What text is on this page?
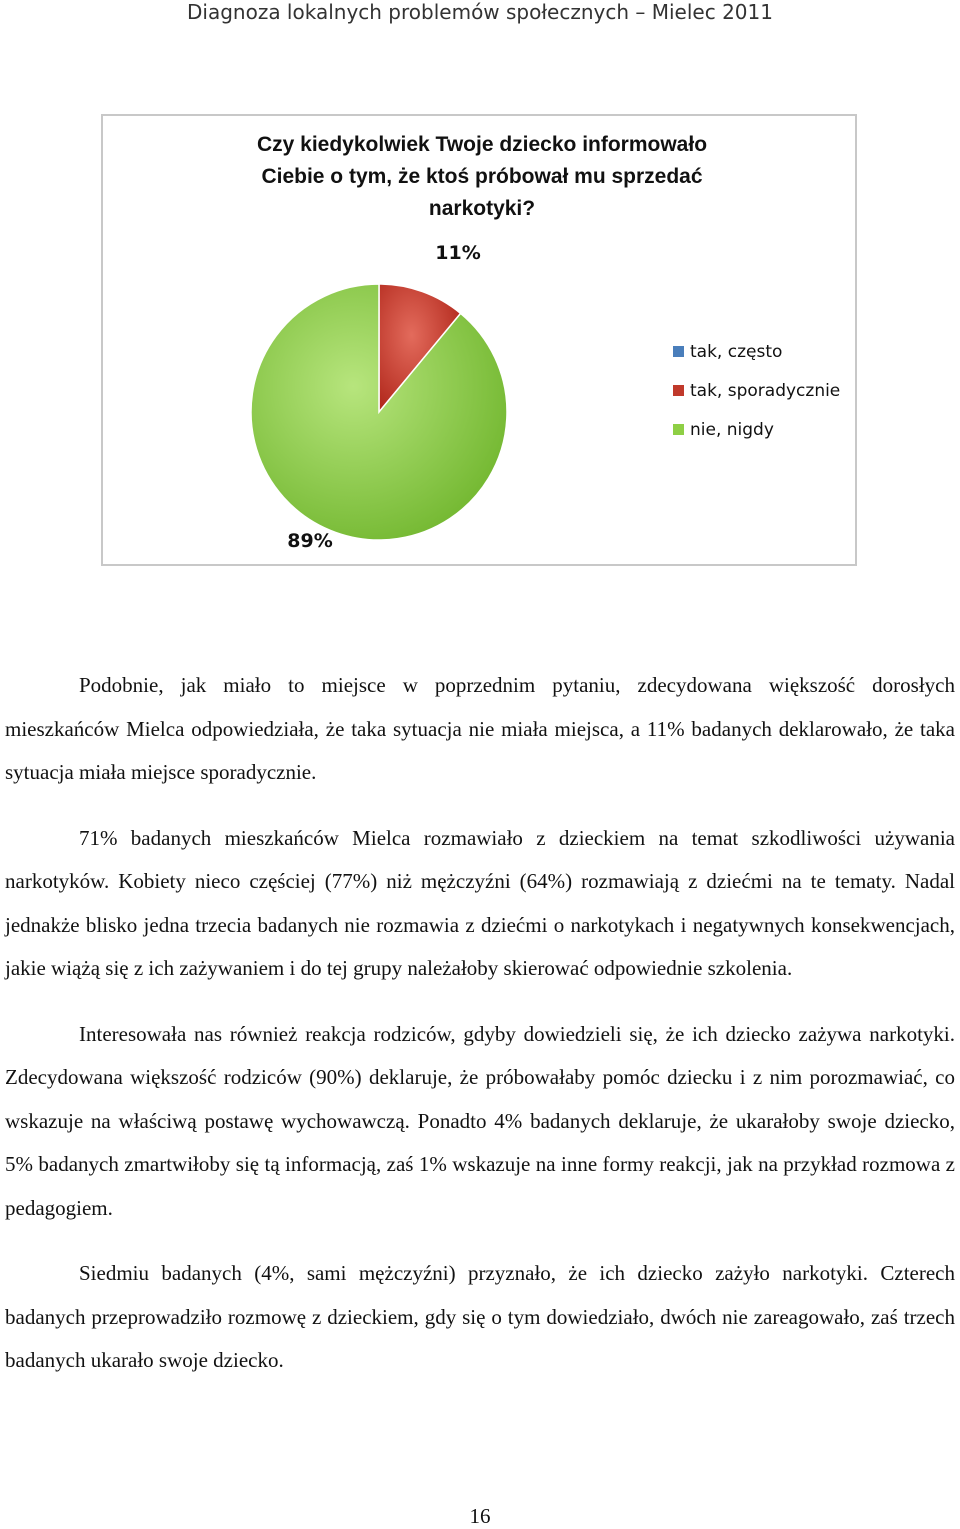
Diagnoza lokalnych problemów społecznych – Mielec 2011
Czy kiedykolwiek Twoje dziecko informowało
Ciebie o tym, że ktoś próbował mu sprzedać
narkotyki?
11%
89%
tak, często
tak, sporadycznie
nie, nigdy

Podobnie, jak miało to miejsce w poprzednim pytaniu, zdecydowana większość dorosłych mieszkańców Mielca odpowiedziała, że taka sytuacja nie miała miejsca, a 11% badanych deklarowało, że taka sytuacja miała miejsce sporadycznie.

71% badanych mieszkańców Mielca rozmawiało z dzieckiem na temat szkodliwości używania narkotyków. Kobiety nieco częściej (77%) niż mężczyźni (64%) rozmawiają z dziećmi na te tematy. Nadal jednakże blisko jedna trzecia badanych nie rozmawia z dziećmi o narkotykach i negatywnych konsekwencjach, jakie wiążą się z ich zażywaniem i do tej grupy należałoby skierować odpowiednie szkolenia.

Interesowała nas również reakcja rodziców, gdyby dowiedzieli się, że ich dziecko zażywa narkotyki. Zdecydowana większość rodziców (90%) deklaruje, że próbowałaby pomóc dziecku i z nim porozmawiać, co wskazuje na właściwą postawę wychowawczą. Ponadto 4% badanych deklaruje, że ukarałoby swoje dziecko, 5% badanych zmartwiłoby się tą informacją, zaś 1% wskazuje na inne formy reakcji, jak na przykład rozmowa z pedagogiem.

Siedmiu badanych (4%, sami mężczyźni) przyznało, że ich dziecko zażyło narkotyki. Czterech badanych przeprowadziło rozmowę z dzieckiem, gdy się o tym dowiedziało, dwóch nie zareagowało, zaś trzech badanych ukarało swoje dziecko.

16
